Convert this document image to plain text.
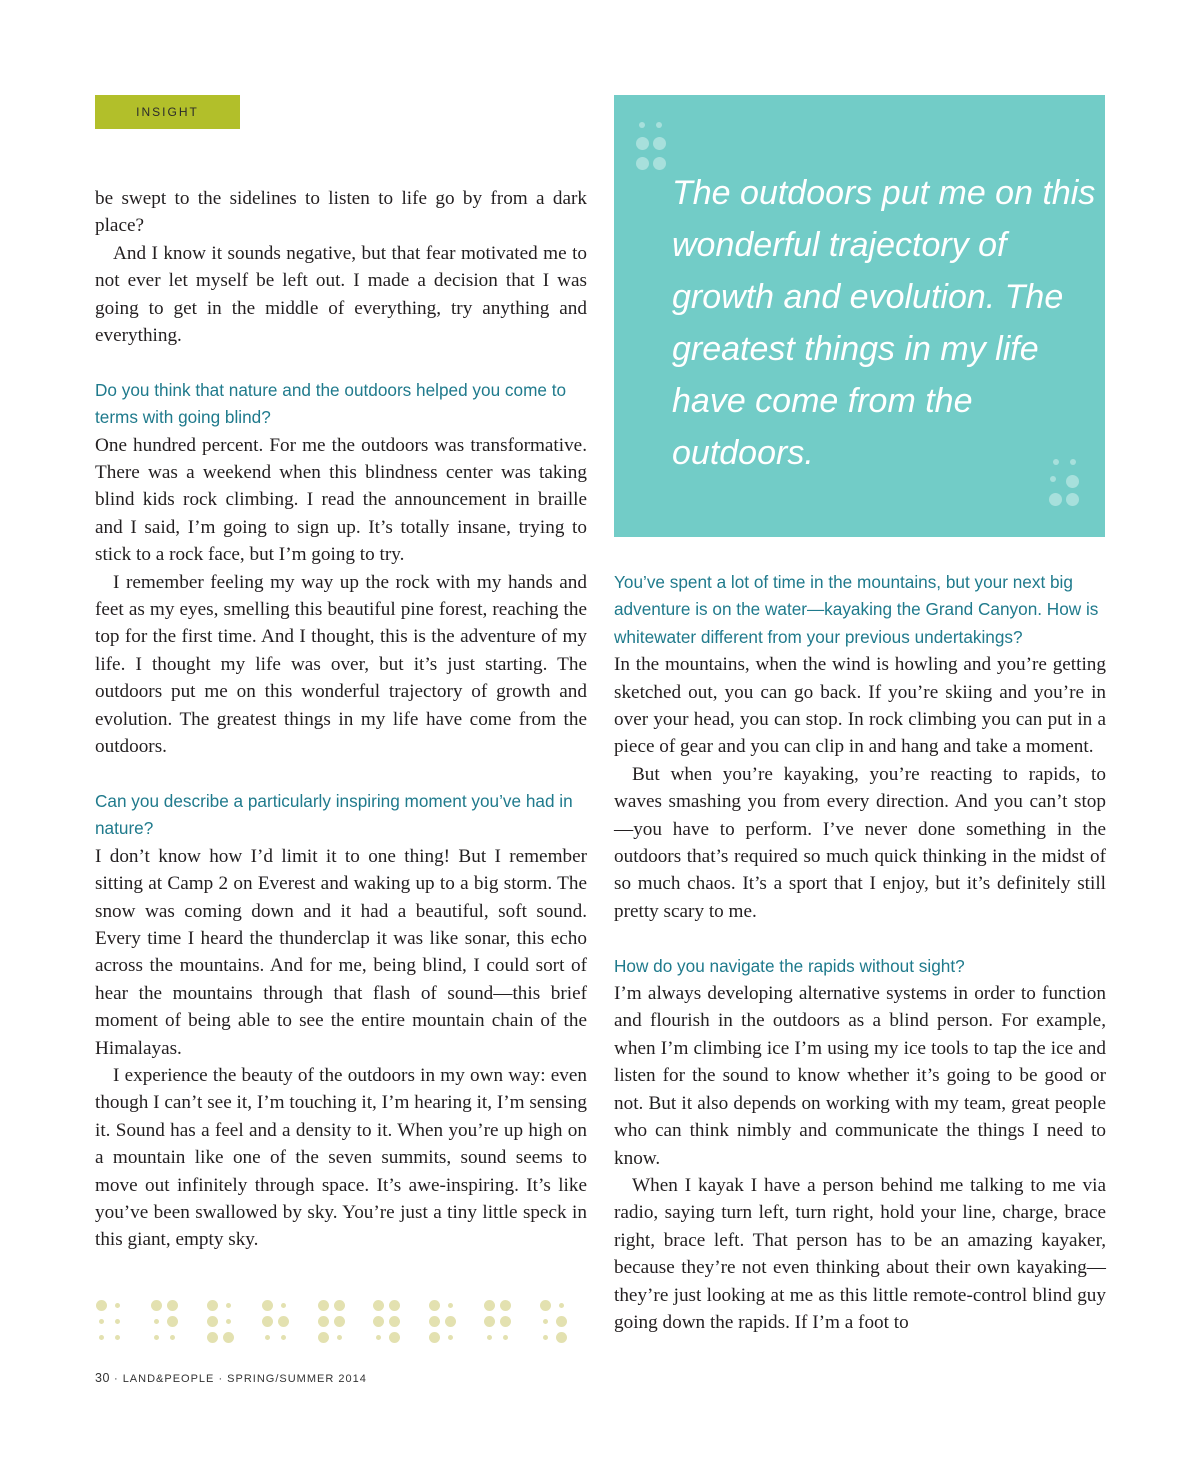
INSIGHT

be swept to the sidelines to listen to life go by from a dark place?

And I know it sounds negative, but that fear motivated me to not ever let myself be left out. I made a decision that I was going to get in the middle of everything, try anything and everything.

Do you think that nature and the outdoors helped you come to terms with going blind?

One hundred percent. For me the outdoors was transformative. There was a weekend when this blindness center was taking blind kids rock climbing. I read the announcement in braille and I said, I’m going to sign up. It’s totally insane, trying to stick to a rock face, but I’m going to try.

I remember feeling my way up the rock with my hands and feet as my eyes, smelling this beautiful pine forest, reaching the top for the first time. And I thought, this is the adventure of my life. I thought my life was over, but it’s just starting. The outdoors put me on this wonderful trajectory of growth and evolution. The greatest things in my life have come from the outdoors.

Can you describe a particularly inspiring moment you’ve had in nature?

I don’t know how I’d limit it to one thing! But I remember sitting at Camp 2 on Everest and waking up to a big storm. The snow was coming down and it had a beautiful, soft sound. Every time I heard the thunderclap it was like sonar, this echo across the mountains. And for me, being blind, I could sort of hear the mountains through that flash of sound—this brief moment of being able to see the entire mountain chain of the Himalayas.

I experience the beauty of the outdoors in my own way: even though I can’t see it, I’m touching it, I’m hearing it, I’m sensing it. Sound has a feel and a density to it. When you’re up high on a mountain like one of the seven summits, sound seems to move out infinitely through space. It’s awe-inspiring. It’s like you’ve been swallowed by sky. You’re just a tiny little speck in this giant, empty sky.

The outdoors put me on this wonderful trajectory of growth and evolution. The greatest things in my life have come from the outdoors.

You’ve spent a lot of time in the mountains, but your next big adventure is on the water—kayaking the Grand Canyon. How is whitewater different from your previous undertakings?

In the mountains, when the wind is howling and you’re getting sketched out, you can go back. If you’re skiing and you’re in over your head, you can stop. In rock climbing you can put in a piece of gear and you can clip in and hang and take a moment.

But when you’re kayaking, you’re reacting to rapids, to waves smashing you from every direction. And you can’t stop—you have to perform. I’ve never done something in the outdoors that’s required so much quick thinking in the midst of so much chaos. It’s a sport that I enjoy, but it’s definitely still pretty scary to me.

How do you navigate the rapids without sight?

I’m always developing alternative systems in order to function and flourish in the outdoors as a blind person. For example, when I’m climbing ice I’m using my ice tools to tap the ice and listen for the sound to know whether it’s going to be good or not. But it also depends on working with my team, great people who can think nimbly and communicate the things I need to know.

When I kayak I have a person behind me talking to me via radio, saying turn left, turn right, hold your line, charge, brace right, brace left. That person has to be an amazing kayaker, because they’re not even thinking about their own kayaking—they’re just looking at me as this little remote-control blind guy going down the rapids. If I’m a foot to

30 · LAND&PEOPLE · SPRING/SUMMER 2014
